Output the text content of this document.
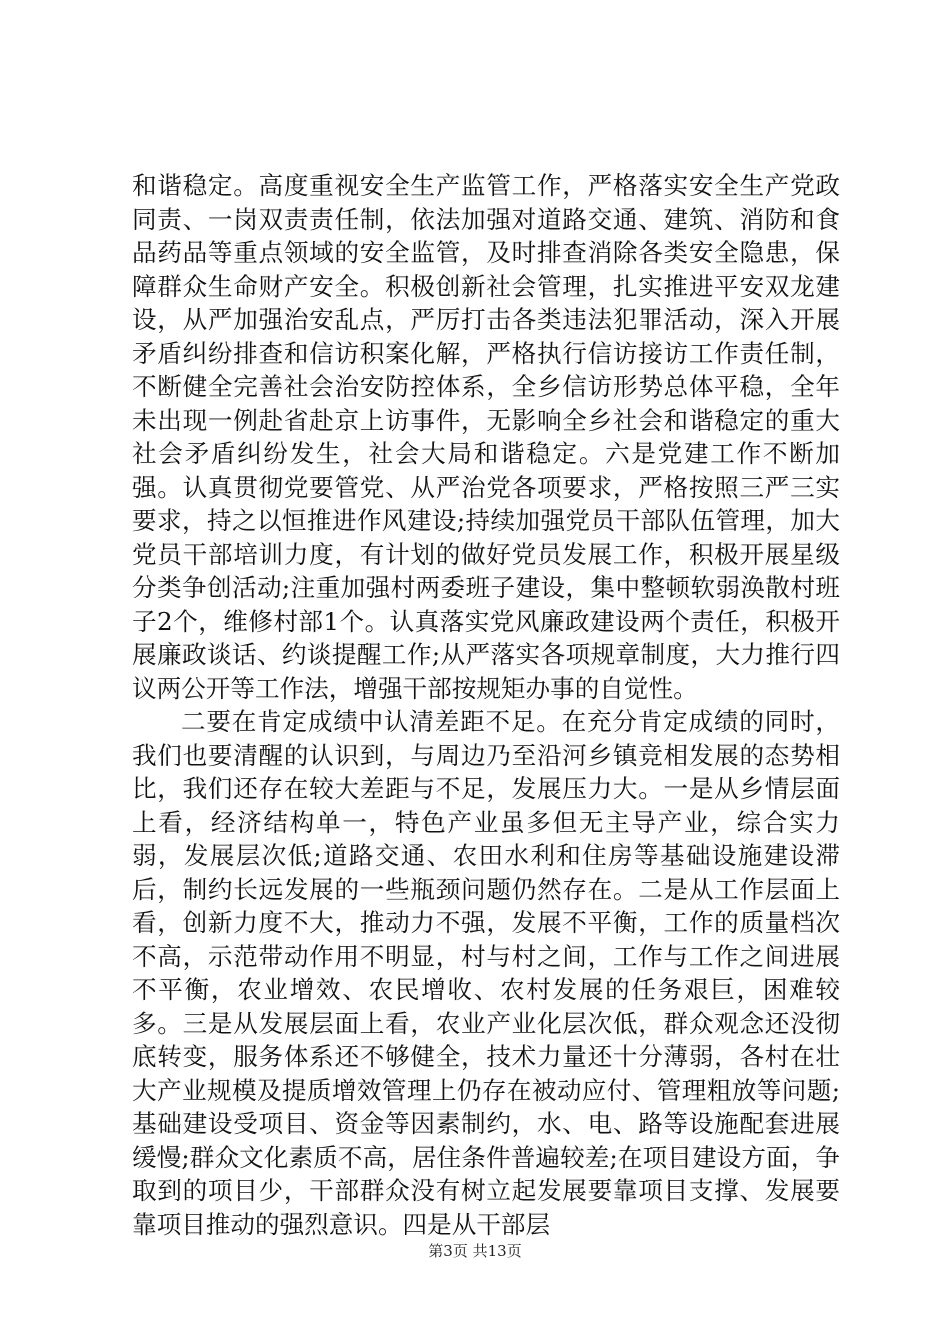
和谐稳定。高度重视安全生产监管工作，严格落实安全生产党政同责、一岗双责责任制，依法加强对道路交通、建筑、消防和食品药品等重点领域的安全监管，及时排查消除各类安全隐患，保障群众生命财产安全。积极创新社会管理，扎实推进平安双龙建设，从严加强治安乱点，严厉打击各类违法犯罪活动，深入开展矛盾纠纷排查和信访积案化解，严格执行信访接访工作责任制，不断健全完善社会治安防控体系，全乡信访形势总体平稳，全年未出现一例赴省赴京上访事件，无影响全乡社会和谐稳定的重大社会矛盾纠纷发生，社会大局和谐稳定。六是党建工作不断加强。认真贯彻党要管党、从严治党各项要求，严格按照三严三实要求，持之以恒推进作风建设;持续加强党员干部队伍管理，加大党员干部培训力度，有计划的做好党员发展工作，积极开展星级分类争创活动;注重加强村两委班子建设，集中整顿软弱涣散村班子2个，维修村部1个。认真落实党风廉政建设两个责任，积极开展廉政谈话、约谈提醒工作;从严落实各项规章制度，大力推行四议两公开等工作法，增强干部按规矩办事的自觉性。

二要在肯定成绩中认清差距不足。在充分肯定成绩的同时，我们也要清醒的认识到，与周边乃至沿河乡镇竞相发展的态势相比，我们还存在较大差距与不足，发展压力大。一是从乡情层面上看，经济结构单一，特色产业虽多但无主导产业，综合实力弱，发展层次低;道路交通、农田水利和住房等基础设施建设滞后，制约长远发展的一些瓶颈问题仍然存在。二是从工作层面上看，创新力度不大，推动力不强，发展不平衡，工作的质量档次不高，示范带动作用不明显，村与村之间，工作与工作之间进展不平衡，农业增效、农民增收、农村发展的任务艰巨，困难较多。三是从发展层面上看，农业产业化层次低，群众观念还没彻底转变，服务体系还不够健全，技术力量还十分薄弱，各村在壮大产业规模及提质增效管理上仍存在被动应付、管理粗放等问题;基础建设受项目、资金等因素制约，水、电、路等设施配套进展缓慢;群众文化素质不高，居住条件普遍较差;在项目建设方面，争取到的项目少，干部群众没有树立起发展要靠项目支撑、发展要靠项目推动的强烈意识。四是从干部层

第3页 共13页
